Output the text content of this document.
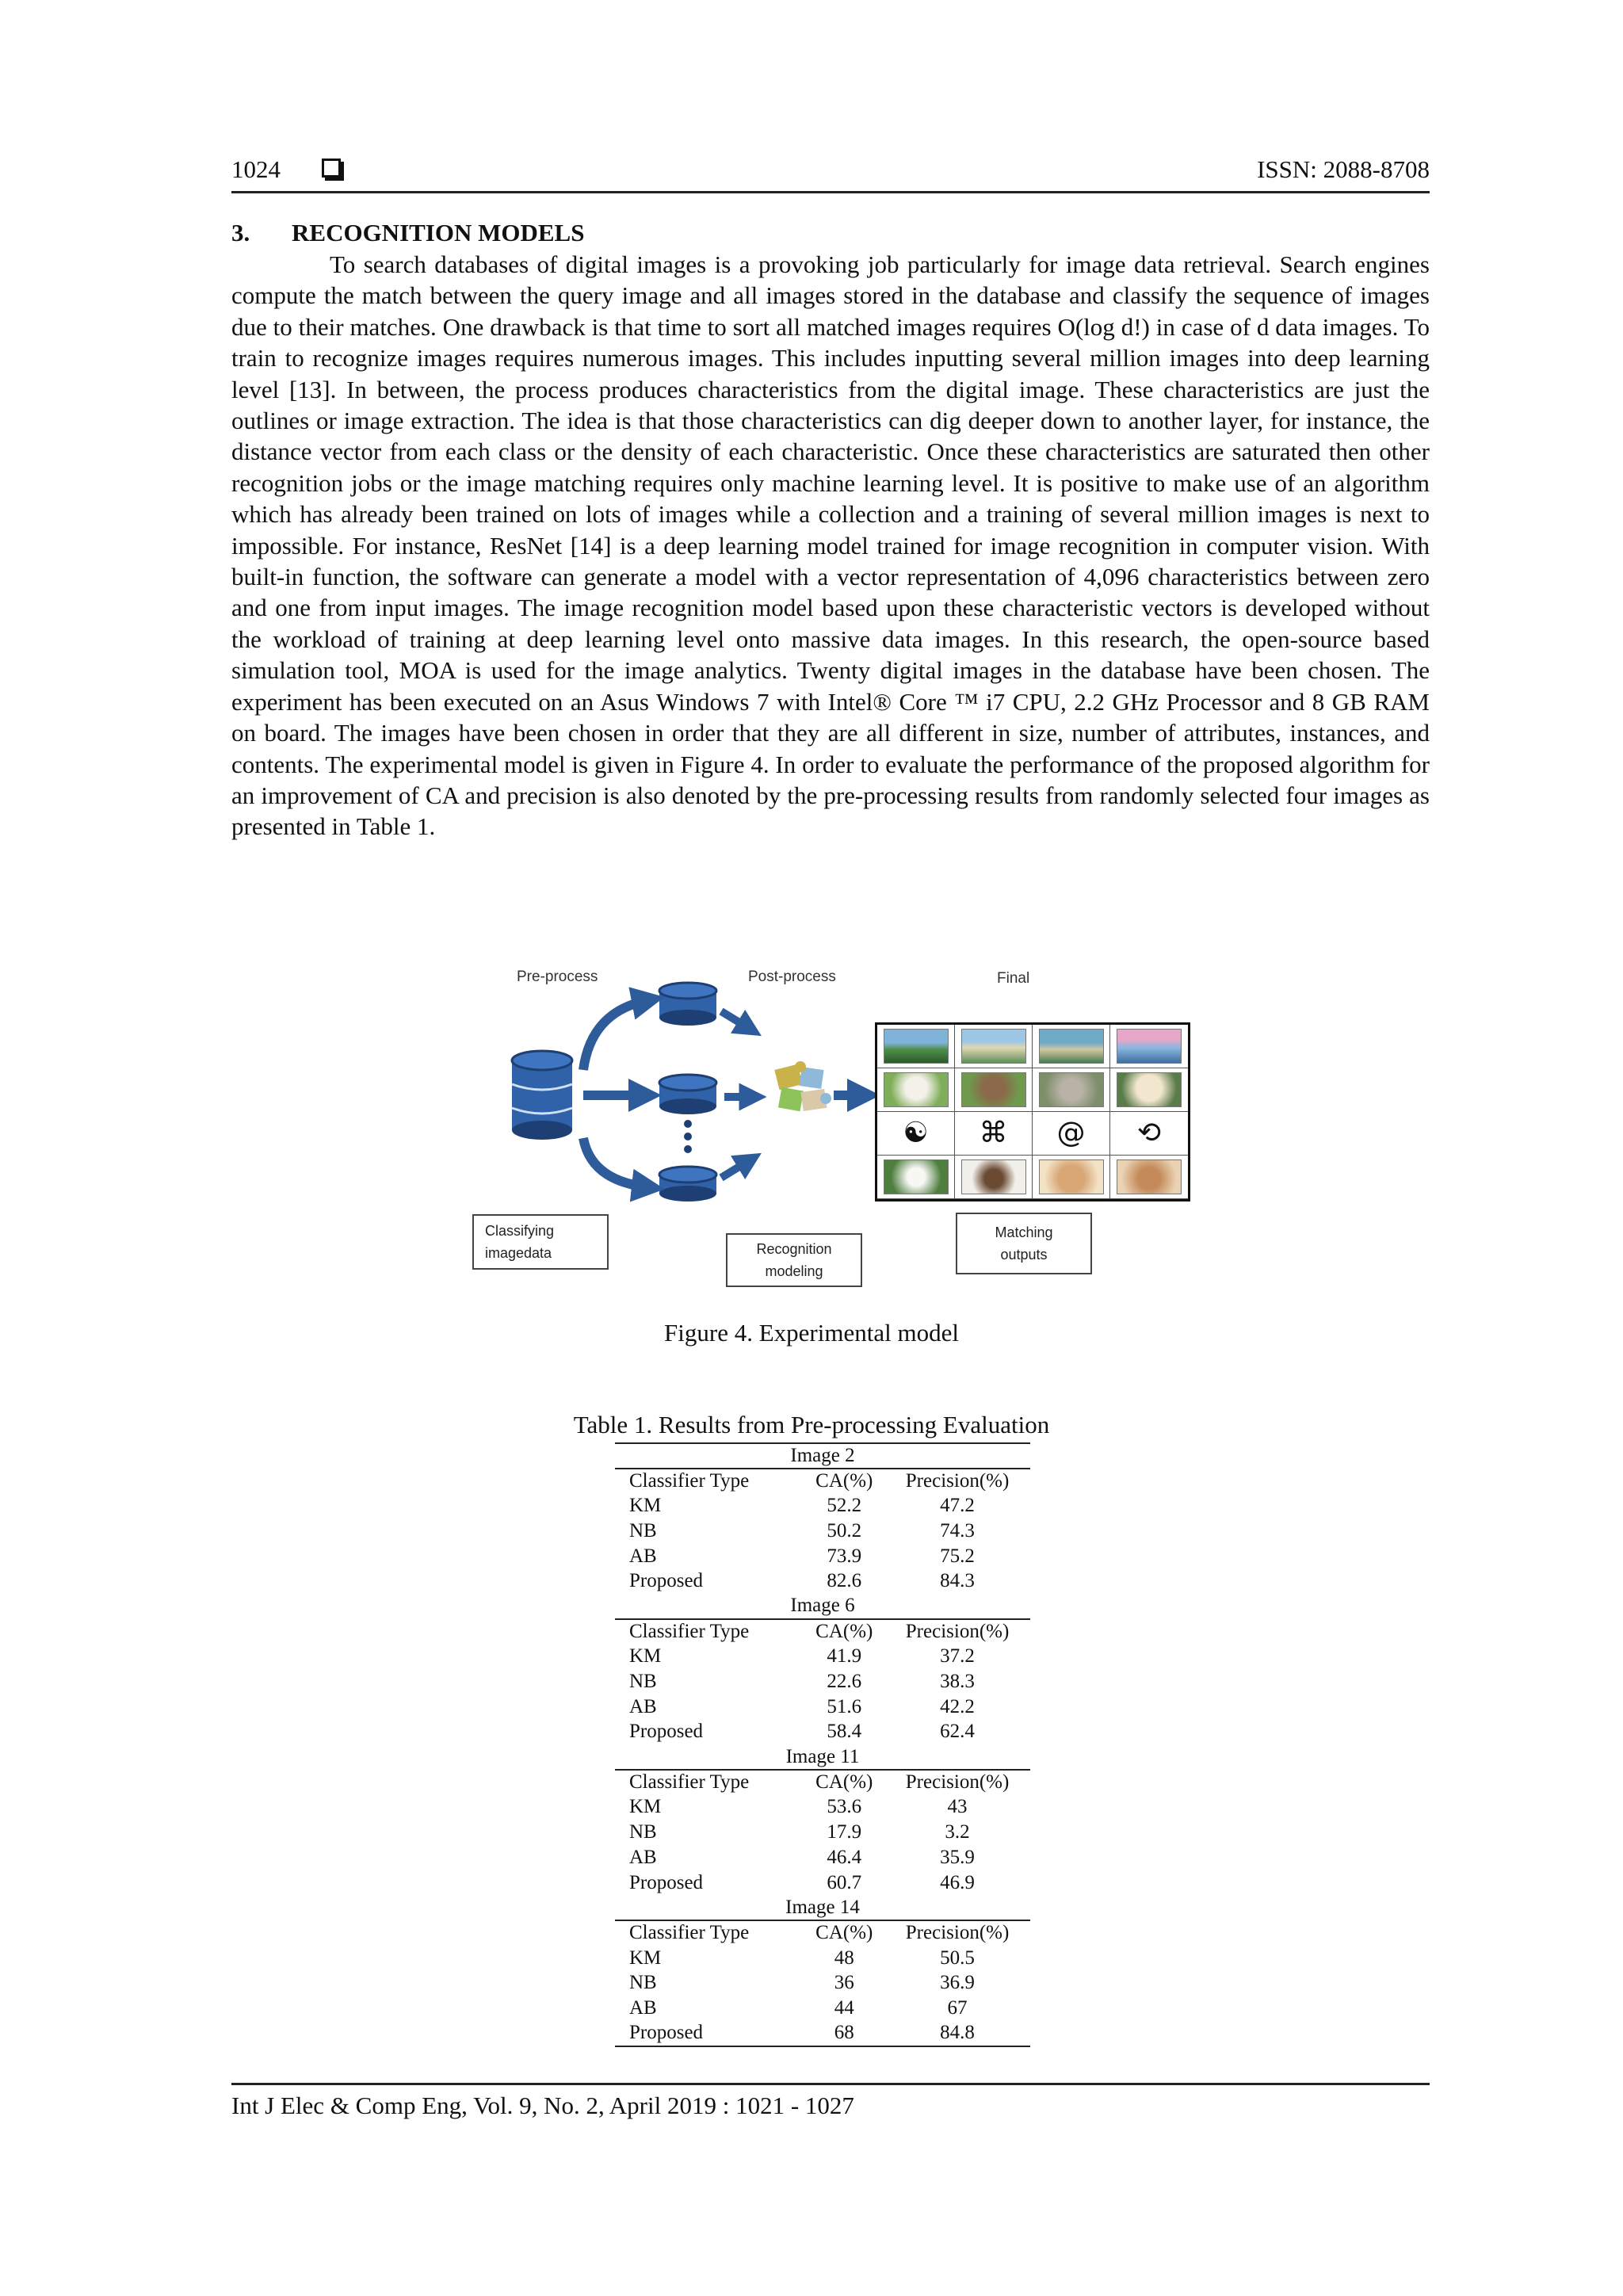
1024	ISSN: 2088-8708
3. RECOGNITION MODELS

To search databases of digital images is a provoking job particularly for image data retrieval. Search engines compute the match between the query image and all images stored in the database and classify the sequence of images due to their matches. One drawback is that time to sort all matched images requires O(log d!) in case of d data images. To train to recognize images requires numerous images. This includes inputting several million images into deep learning level [13]. In between, the process produces characteristics from the digital image. These characteristics are just the outlines or image extraction. The idea is that those characteristics can dig deeper down to another layer, for instance, the distance vector from each class or the density of each characteristic. Once these characteristics are saturated then other recognition jobs or the image matching requires only machine learning level. It is positive to make use of an algorithm which has already been trained on lots of images while a collection and a training of several million images is next to impossible. For instance, ResNet [14] is a deep learning model trained for image recognition in computer vision. With built-in function, the software can generate a model with a vector representation of 4,096 characteristics between zero and one from input images. The image recognition model based upon these characteristic vectors is developed without the workload of training at deep learning level onto massive data images. In this research, the open-source based simulation tool, MOA is used for the image analytics. Twenty digital images in the database have been chosen. The experiment has been executed on an Asus Windows 7 with Intel® Core ™ i7 CPU, 2.2 GHz Processor and 8 GB RAM on board. The images have been chosen in order that they are all different in size, number of attributes, instances, and contents. The experimental model is given in Figure 4. In order to evaluate the performance of the proposed algorithm for an improvement of CA and precision is also denoted by the pre-processing results from randomly selected four images as presented in Table 1.

Pre-process	Post-process	Final
☯ ⌘ @ ⟲
Classifying
imagedata	Recognition
modeling
Matching
outputs
Figure 4. Experimental model
Table 1. Results from Pre-processing Evaluation
Image 2		
Classifier Type	CA(%)	Precision(%)
KM	52.2	47.2
NB	50.2	74.3
AB	73.9	75.2
Proposed	82.6	84.3
Image 6		
Classifier Type	CA(%)	Precision(%)
KM	41.9	37.2
NB	22.6	38.3
AB	51.6	42.2
Proposed	58.4	62.4
Image 11		
Classifier Type	CA(%)	Precision(%)
KM	53.6	43
NB	17.9	3.2
AB	46.4	35.9
Proposed	60.7	46.9
Image 14		
Classifier Type	CA(%)	Precision(%)
KM	48	50.5
NB	36	36.9
AB	44	67
Proposed	68	84.8
Int J Elec & Comp Eng, Vol. 9, No. 2, April 2019 : 1021 - 1027
